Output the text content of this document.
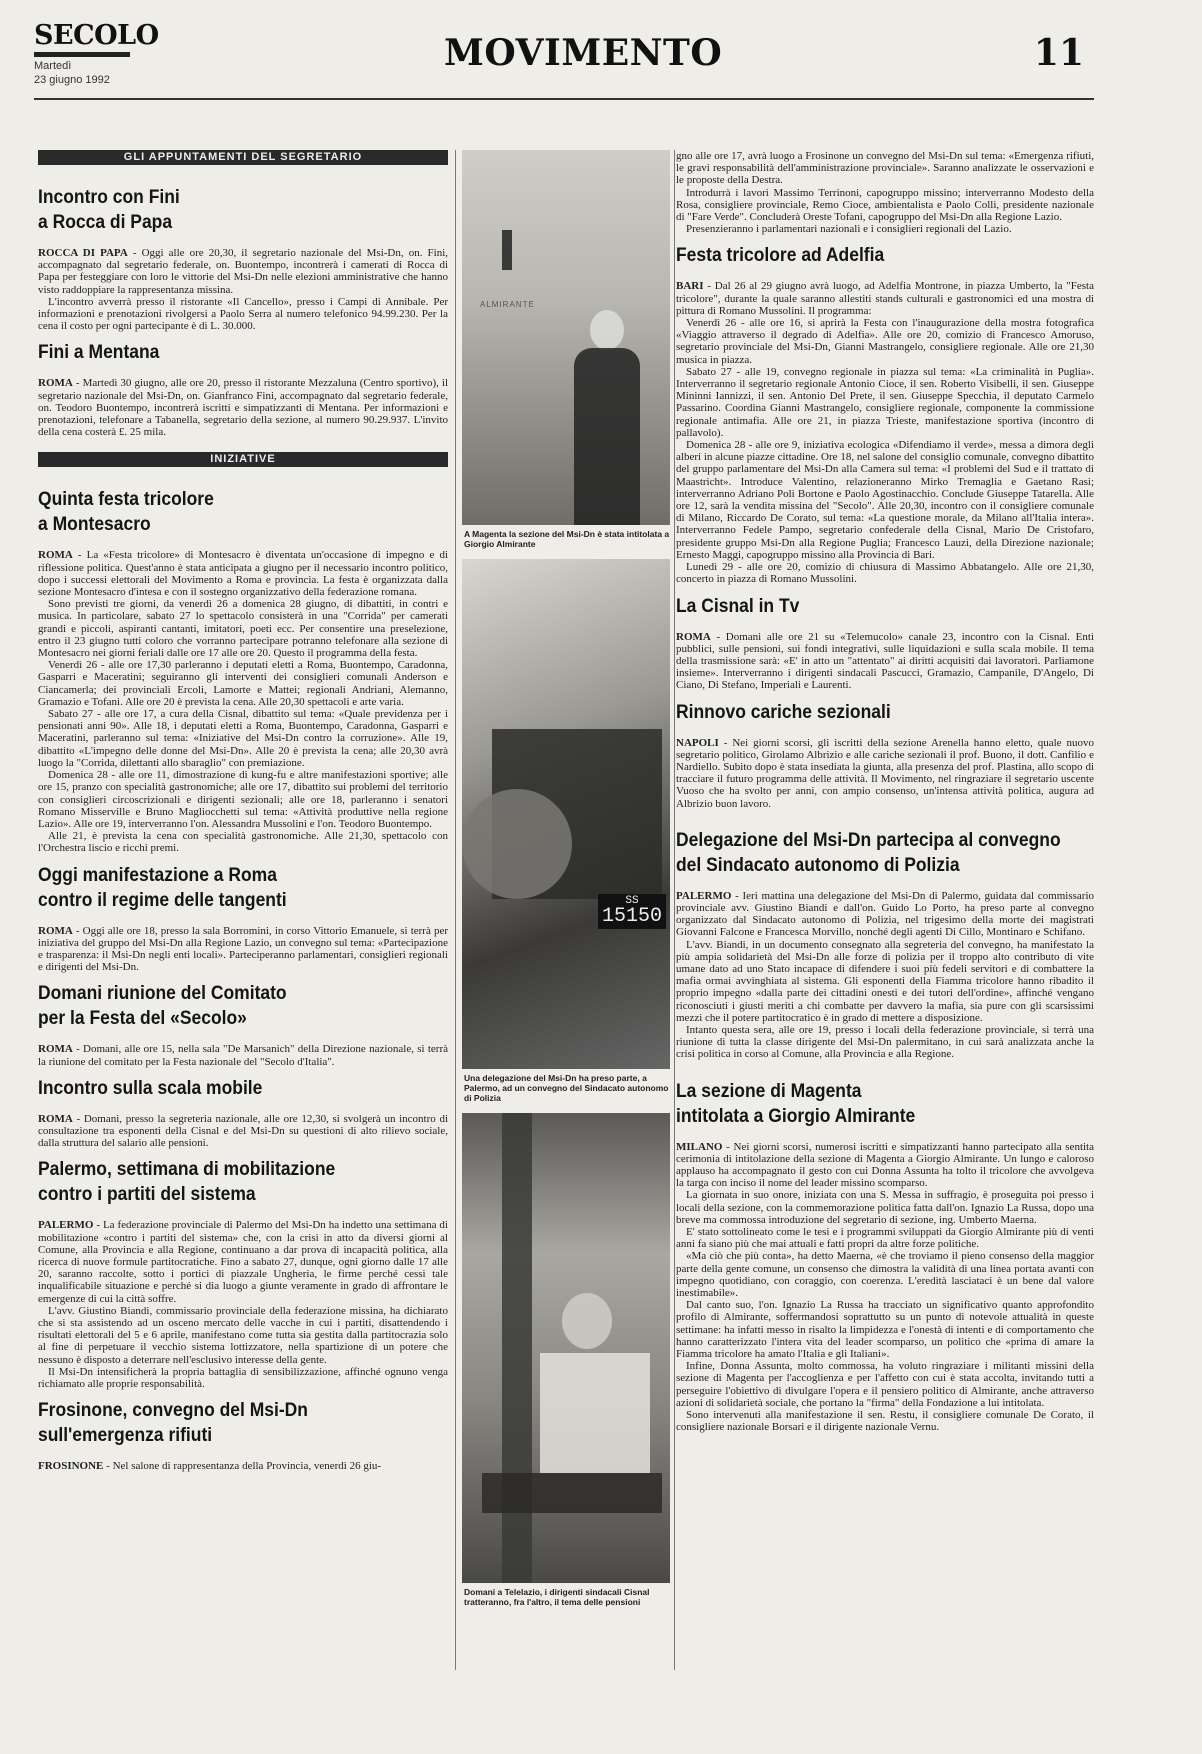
SECOLO
Martedì
23 giugno 1992
MOVIMENTO	11
GLI APPUNTAMENTI DEL SEGRETARIO
Incontro con Fini
a Rocca di Papa

ROCCA DI PAPA - Oggi alle ore 20,30, il segretario nazionale del Msi-Dn, on. Fini, accompagnato dal segretario federale, on. Buontempo, incontrerà i camerati di Rocca di Papa per festeggiare con loro le vittorie del Msi-Dn nelle elezioni amministrative che hanno visto raddoppiare la rappresentanza missina.

L'incontro avverrà presso il ristorante «Il Cancello», presso i Campi di Annibale. Per informazioni e prenotazioni rivolgersi a Paolo Serra al numero telefonico 94.99.230. Per la cena il costo per ogni partecipante è di L. 30.000.

Fini a Mentana

ROMA - Martedì 30 giugno, alle ore 20, presso il ristorante Mezzaluna (Centro sportivo), il segretario nazionale del Msi-Dn, on. Gianfranco Fini, accompagnato dal segretario federale, on. Teodoro Buontempo, incontrerà iscritti e simpatizzanti di Mentana. Per informazioni e prenotazioni, telefonare a Tabanella, segretario della sezione, al numero 90.29.937. L'invito della cena costerà £. 25 mila.

INIZIATIVE
Quinta festa tricolore
a Montesacro

ROMA - La «Festa tricolore» di Montesacro è diventata un'occasione di impegno e di riflessione politica. Quest'anno è stata anticipata a giugno per il necessario incontro politico, dopo i successi elettorali del Movimento a Roma e provincia. La festa è organizzata dalla sezione Montesacro d'intesa e con il sostegno organizzativo della federazione romana.

Sono previsti tre giorni, da venerdì 26 a domenica 28 giugno, di dibattiti, in contri e musica. In particolare, sabato 27 lo spettacolo consisterà in una "Corrida" per camerati grandi e piccoli, aspiranti cantanti, imitatori, poeti ecc. Per consentire una preselezione, entro il 23 giugno tutti coloro che vorranno partecipare potranno telefonare alla sezione di Montesacro nei giorni feriali dalle ore 17 alle ore 20. Questo il programma della festa.

Venerdì 26 - alle ore 17,30 parleranno i deputati eletti a Roma, Buontempo, Caradonna, Gasparri e Maceratini; seguiranno gli interventi dei consiglieri comunali Anderson e Ciancamerla; dei provinciali Ercoli, Lamorte e Mattei; regionali Andriani, Alemanno, Gramazio e Tofani. Alle ore 20 è prevista la cena. Alle 20,30 spettacoli e arte varia.

Sabato 27 - alle ore 17, a cura della Cisnal, dibattito sul tema: «Quale previdenza per i pensionati anni 90». Alle 18, i deputati eletti a Roma, Buontempo, Caradonna, Gasparri e Maceratini, parleranno sul tema: «Iniziative del Msi-Dn contro la corruzione». Alle 19, dibattito «L'impegno delle donne del Msi-Dn». Alle 20 è prevista la cena; alle 20,30 avrà luogo la "Corrida, dilettanti allo sbaraglio" con premiazione.

Domenica 28 - alle ore 11, dimostrazione di kung-fu e altre manifestazioni sportive; alle ore 15, pranzo con specialità gastronomiche; alle ore 17, dibattito sui problemi del territorio con consiglieri circoscrizionali e dirigenti sezionali; alle ore 18, parleranno i senatori Romano Misserville e Bruno Magliocchetti sul tema: «Attività produttive nella regione Lazio». Alle ore 19, interverranno l'on. Alessandra Mussolini e l'on. Teodoro Buontempo.

Alle 21, è prevista la cena con specialità gastronomiche. Alle 21,30, spettacolo con l'Orchestra liscio e ricchi premi.

Oggi manifestazione a Roma
contro il regime delle tangenti

ROMA - Oggi alle ore 18, presso la sala Borromini, in corso Vittorio Emanuele, si terrà per iniziativa del gruppo del Msi-Dn alla Regione Lazio, un convegno sul tema: «Partecipazione e trasparenza: il Msi-Dn negli enti locali». Parteciperanno parlamentari, consiglieri regionali e dirigenti del Msi-Dn.

Domani riunione del Comitato
per la Festa del «Secolo»

ROMA - Domani, alle ore 15, nella sala "De Marsanich" della Direzione nazionale, si terrà la riunione del comitato per la Festa nazionale del "Secolo d'Italia".

Incontro sulla scala mobile

ROMA - Domani, presso la segreteria nazionale, alle ore 12,30, si svolgerà un incontro di consultazione tra esponenti della Cisnal e del Msi-Dn su questioni di alto rilievo sociale, dalla struttura del salario alle pensioni.

Palermo, settimana di mobilitazione
contro i partiti del sistema

PALERMO - La federazione provinciale di Palermo del Msi-Dn ha indetto una settimana di mobilitazione «contro i partiti del sistema» che, con la crisi in atto da diversi giorni al Comune, alla Provincia e alla Regione, continuano a dar prova di incapacità politica, alla ricerca di nuove formule partitocratiche. Fino a sabato 27, dunque, ogni giorno dalle 17 alle 20, saranno raccolte, sotto i portici di piazzale Ungheria, le firme perché cessi tale inqualificabile situazione e perché si dia luogo a giunte veramente in grado di affrontare le emergenze di cui la città soffre.

L'avv. Giustino Biandi, commissario provinciale della federazione missina, ha dichiarato che si sta assistendo ad un osceno mercato delle vacche in cui i partiti, disattendendo i risultati elettorali del 5 e 6 aprile, manifestano come tutta sia gestita dalla partitocrazia solo al fine di perpetuare il vecchio sistema lottizzatore, nella spartizione di un potere che nessuno è disposto a deterrare nell'esclusivo interesse della gente.

Il Msi-Dn intensificherà la propria battaglia di sensibilizzazione, affinché ognuno venga richiamato alle proprie responsabilità.

Frosinone, convegno del Msi-Dn
sull'emergenza rifiuti

FROSINONE - Nel salone di rappresentanza della Provincia, venerdì 26 giu-

ALMIRANTE
A Magenta la sezione del Msi-Dn è stata intitolata a Giorgio Almirante
SS
15150
Una delegazione del Msi-Dn ha preso parte, a Palermo, ad un convegno del Sindacato autonomo di Polizia
Domani a Telelazio, i dirigenti sindacali Cisnal tratteranno, fra l'altro, il tema delle pensioni

gno alle ore 17, avrà luogo a Frosinone un convegno del Msi-Dn sul tema: «Emergenza rifiuti, le gravi responsabilità dell'amministrazione provinciale». Saranno analizzate le osservazioni e le proposte della Destra.

Introdurrà i lavori Massimo Terrinoni, capogruppo missino; interverranno Modesto della Rosa, consigliere provinciale, Remo Cioce, ambientalista e Paolo Colli, presidente nazionale di "Fare Verde". Concluderà Oreste Tofani, capogruppo del Msi-Dn alla Regione Lazio.

Presenzieranno i parlamentari nazionali e i consiglieri regionali del Lazio.

Festa tricolore ad Adelfia

BARI - Dal 26 al 29 giugno avrà luogo, ad Adelfia Montrone, in piazza Umberto, la "Festa tricolore", durante la quale saranno allestiti stands culturali e gastronomici ed una mostra di pittura di Romano Mussolini. Il programma:

Venerdì 26 - alle ore 16, si aprirà la Festa con l'inaugurazione della mostra fotografica «Viaggio attraverso il degrado di Adelfia». Alle ore 20, comizio di Francesco Amoruso, segretario provinciale del Msi-Dn, Gianni Mastrangelo, consigliere regionale. Alle ore 21,30 musica in piazza.

Sabato 27 - alle 19, convegno regionale in piazza sul tema: «La criminalità in Puglia». Interverranno il segretario regionale Antonio Cioce, il sen. Roberto Visibelli, il sen. Giuseppe Mininni Iannizzi, il sen. Antonio Del Prete, il sen. Giuseppe Specchia, il deputato Carmelo Passarino. Coordina Gianni Mastrangelo, consigliere regionale, componente la commissione regionale antimafia. Alle ore 21, in piazza Trieste, manifestazione sportiva (incontro di pallavolo).

Domenica 28 - alle ore 9, iniziativa ecologica «Difendiamo il verde», messa a dimora degli alberi in alcune piazze cittadine. Ore 18, nel salone del consiglio comunale, convegno dibattito del gruppo parlamentare del Msi-Dn alla Camera sul tema: «I problemi del Sud e il trattato di Maastricht». Introduce Valentino, relazioneranno Mirko Tremaglia e Gaetano Rasi; interverranno Adriano Poli Bortone e Paolo Agostinacchio. Conclude Giuseppe Tatarella. Alle ore 12, sarà la vendita missina del "Secolo". Alle 20,30, incontro con il consigliere comunale di Milano, Riccardo De Corato, sul tema: «La questione morale, da Milano all'Italia intera». Interverranno Fedele Pampo, segretario confederale della Cisnal, Mario De Cristofaro, presidente gruppo Msi-Dn alla Regione Puglia; Francesco Lauzi, della Direzione nazionale; Ernesto Maggi, capogruppo missino alla Provincia di Bari.

Lunedì 29 - alle ore 20, comizio di chiusura di Massimo Abbatangelo. Alle ore 21,30, concerto in piazza di Romano Mussolini.

La Cisnal in Tv

ROMA - Domani alle ore 21 su «Telemucolo» canale 23, incontro con la Cisnal. Enti pubblici, sulle pensioni, sui fondi integrativi, sulle liquidazioni e sulla scala mobile. Il tema della trasmissione sarà: «E' in atto un "attentato" ai diritti acquisiti dai lavoratori. Parliamone insieme». Interverranno i dirigenti sindacali Pascucci, Gramazio, Campanile, D'Angelo, Di Ciano, Di Stefano, Imperiali e Laurenti.

Rinnovo cariche sezionali

NAPOLI - Nei giorni scorsi, gli iscritti della sezione Arenella hanno eletto, quale nuovo segretario politico, Girolamo Albrizio e alle cariche sezionali il prof. Buono, il dott. Canfilio e Nardiello. Subito dopo è stata insediata la giunta, alla presenza del prof. Plastina, allo scopo di tracciare il futuro programma delle attività. Il Movimento, nel ringraziare il segretario uscente Vuoso che ha svolto per anni, con ampio consenso, un'intensa attività politica, augura ad Albrizio buon lavoro.

Delegazione del Msi-Dn partecipa al convegno
del Sindacato autonomo di Polizia

PALERMO - Ieri mattina una delegazione del Msi-Dn di Palermo, guidata dal commissario provinciale avv. Giustino Biandi e dall'on. Guido Lo Porto, ha preso parte al convegno organizzato dal Sindacato autonomo di Polizia, nel trigesimo della morte dei magistrati Giovanni Falcone e Francesca Morvillo, nonché degli agenti Di Cillo, Montinaro e Schifano.

L'avv. Biandi, in un documento consegnato alla segreteria del convegno, ha manifestato la più ampia solidarietà del Msi-Dn alle forze di polizia per il troppo alto contributo di vite umane dato ad uno Stato incapace di difendere i suoi più fedeli servitori e di combattere la mafia ormai avvinghiata al sistema. Gli esponenti della Fiamma tricolore hanno ribadito il proprio impegno «dalla parte dei cittadini onesti e dei tutori dell'ordine», affinché vengano riconosciuti i giusti meriti a chi combatte per davvero la mafia, sia pure con gli scarsissimi mezzi che il potere partitocratico è in grado di mettere a disposizione.

Intanto questa sera, alle ore 19, presso i locali della federazione provinciale, si terrà una riunione di tutta la classe dirigente del Msi-Dn palermitano, in cui sarà analizzata anche la crisi politica in corso al Comune, alla Provincia e alla Regione.

La sezione di Magenta
intitolata a Giorgio Almirante

MILANO - Nei giorni scorsi, numerosi iscritti e simpatizzanti hanno partecipato alla sentita cerimonia di intitolazione della sezione di Magenta a Giorgio Almirante. Un lungo e caloroso applauso ha accompagnato il gesto con cui Donna Assunta ha tolto il tricolore che avvolgeva la targa con inciso il nome del leader missino scomparso.

La giornata in suo onore, iniziata con una S. Messa in suffragio, è proseguita poi presso i locali della sezione, con la commemorazione politica fatta dall'on. Ignazio La Russa, dopo una breve ma commossa introduzione del segretario di sezione, ing. Umberto Maerna.

E' stato sottolineato come le tesi e i programmi sviluppati da Giorgio Almirante più di venti anni fa siano più che mai attuali e fatti propri da altre forze politiche.

«Ma ciò che più conta», ha detto Maerna, «è che troviamo il pieno consenso della maggior parte della gente comune, un consenso che dimostra la validità di una linea portata avanti con impegno quotidiano, con coraggio, con coerenza. L'eredità lasciataci è un bene dal valore inestimabile».

Dal canto suo, l'on. Ignazio La Russa ha tracciato un significativo quanto approfondito profilo di Almirante, soffermandosi soprattutto su un punto di notevole attualità in queste settimane: ha infatti messo in risalto la limpidezza e l'onestà di intenti e di comportamento che hanno caratterizzato l'intera vita del leader scomparso, un politico che «prima di amare la Fiamma tricolore ha amato l'Italia e gli Italiani».

Infine, Donna Assunta, molto commossa, ha voluto ringraziare i militanti missini della sezione di Magenta per l'accoglienza e per l'affetto con cui è stata accolta, invitando tutti a perseguire l'obiettivo di divulgare l'opera e il pensiero politico di Almirante, anche attraverso azioni di solidarietà sociale, che portano la "firma" della Fondazione a lui intitolata.

Sono intervenuti alla manifestazione il sen. Restu, il consigliere comunale De Corato, il consigliere nazionale Borsari e il dirigente nazionale Vernu.
